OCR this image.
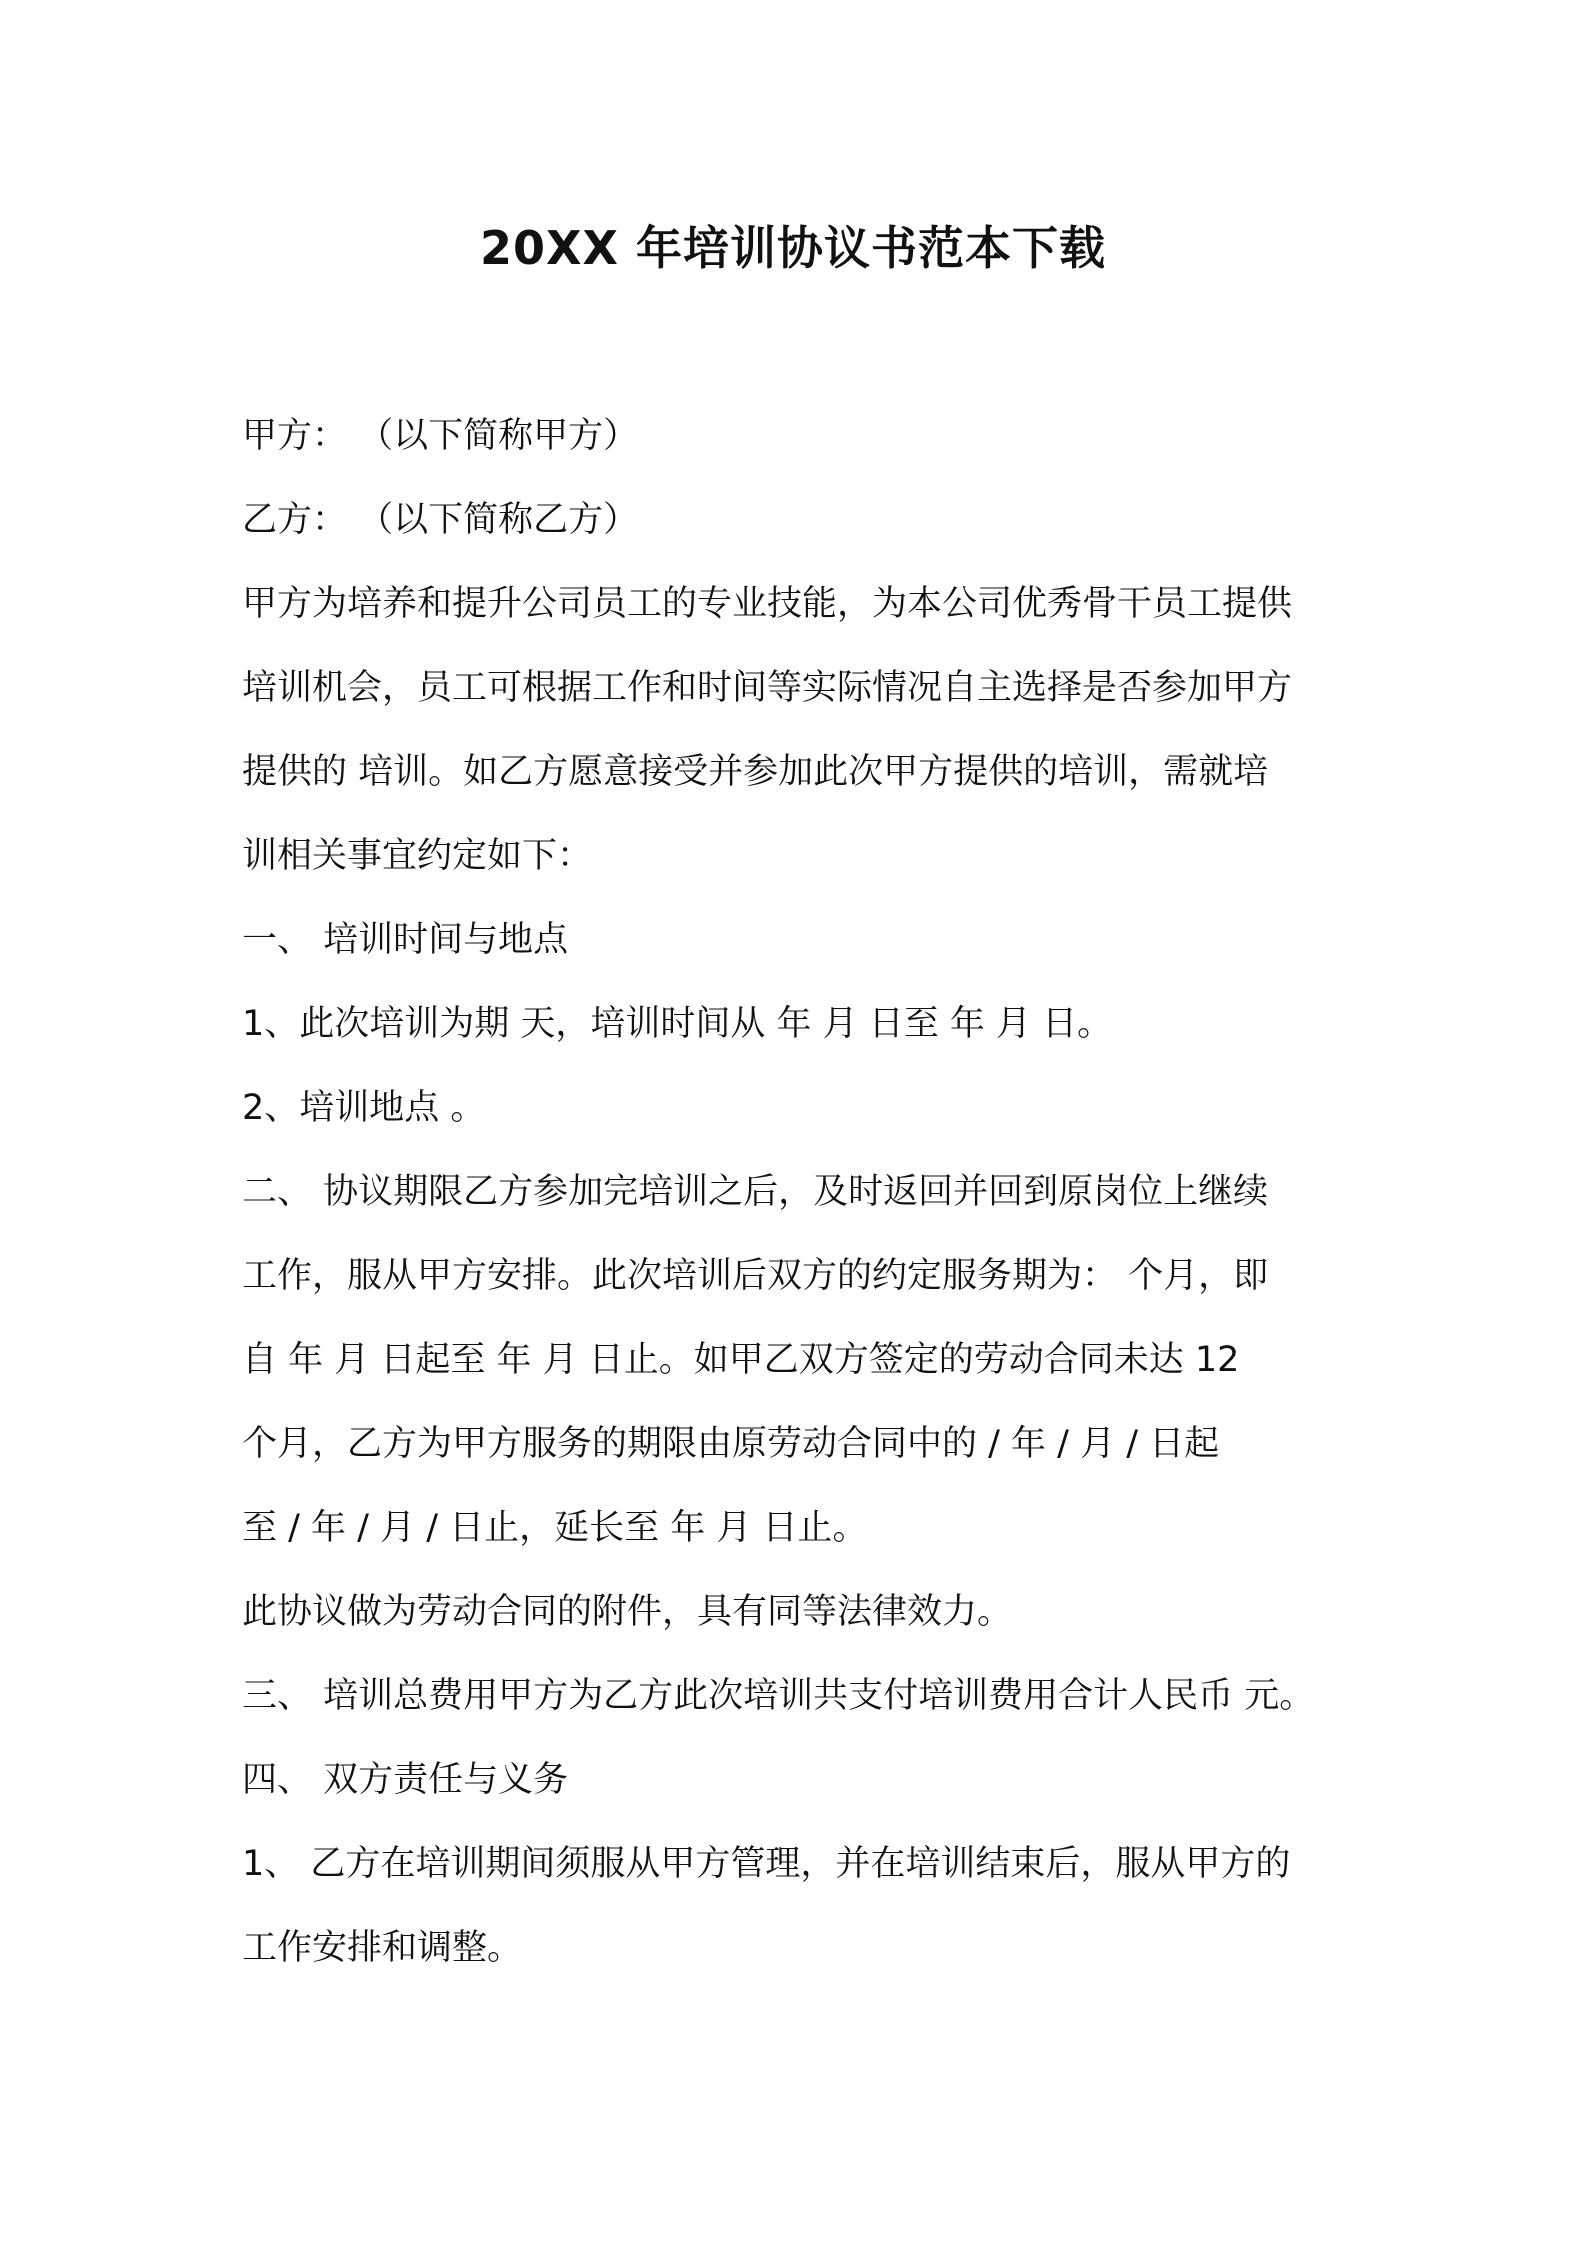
20XX 年培训协议书范本下载
甲方： （以下简称甲方）
乙方： （以下简称乙方）
甲方为培养和提升公司员工的专业技能，为本公司优秀骨干员工提供
培训机会，员工可根据工作和时间等实际情况自主选择是否参加甲方
提供的 培训。如乙方愿意接受并参加此次甲方提供的培训，需就培
训相关事宜约定如下：
一、 培训时间与地点
1、此次培训为期 天，培训时间从 年 月 日至 年 月 日。
2、培训地点 。
二、 协议期限乙方参加完培训之后，及时返回并回到原岗位上继续
工作，服从甲方安排。此次培训后双方的约定服务期为： 个月，即
自 年 月 日起至 年 月 日止。如甲乙双方签定的劳动合同未达 12
个月，乙方为甲方服务的期限由原劳动合同中的 / 年 / 月 / 日起
至 / 年 / 月 / 日止，延长至 年 月 日止。
此协议做为劳动合同的附件，具有同等法律效力。
三、 培训总费用甲方为乙方此次培训共支付培训费用合计人民币 元。
四、 双方责任与义务
1、 乙方在培训期间须服从甲方管理，并在培训结束后，服从甲方的
工作安排和调整。
